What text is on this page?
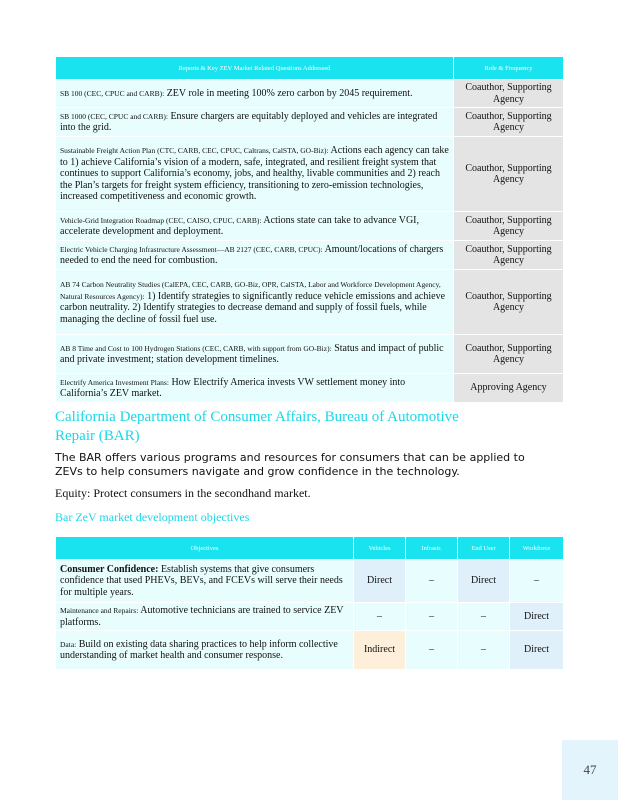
Reports & Key ZEV Market Related Questions Addressed	Role & Frequency
SB 100 (CEC, CPUC and CARB): ZEV role in meeting 100% zero carbon by 2045 requirement.	Coauthor, Supporting Agency
SB 1000 (CEC, CPUC and CARB): Ensure chargers are equitably deployed and vehicles are integrated into the grid.	Coauthor, Supporting Agency
Sustainable Freight Action Plan (CTC, CARB, CEC, CPUC, Caltrans, CalSTA, GO-Biz): Actions each agency can take to 1) achieve California’s vision of a modern, safe, integrated, and resilient freight system that continues to support California’s economy, jobs, and healthy, livable communities and 2) reach the Plan’s targets for freight system efficiency, transitioning to zero-emission technologies, increased competitiveness and economic growth.	Coauthor, Supporting Agency
Vehicle-Grid Integration Roadmap (CEC, CAISO, CPUC, CARB): Actions state can take to advance VGI, accelerate development and deployment.	Coauthor, Supporting Agency
Electric Vehicle Charging Infrastructure Assessment—AB 2127 (CEC, CARB, CPUC): Amount/locations of chargers needed to end the need for combustion.	Coauthor, Supporting Agency
AB 74 Carbon Neutrality Studies (CalEPA, CEC, CARB, GO-Biz, OPR, CalSTA, Labor and Workforce Development Agency, Natural Resources Agency): 1) Identify strategies to significantly reduce vehicle emissions and achieve carbon neutrality. 2) Identify strategies to decrease demand and supply of fossil fuels, while managing the decline of fossil fuel use.	Coauthor, Supporting Agency
AB 8 Time and Cost to 100 Hydrogen Stations (CEC, CARB, with support from GO-Biz): Status and impact of public and private investment; station development timelines.	Coauthor, Supporting Agency
Electrify America Investment Plans: How Electrify America invests VW settlement money into California’s ZEV market.	Approving Agency
California Department of Consumer Affairs, Bureau of Automotive Repair (BAR)

The BAR offers various programs and resources for consumers that can be applied to ZEVs to help consumers navigate and grow confidence in the technology.

Equity: Protect consumers in the secondhand market.

Bar ZeV market development objectives

Objectives	Vehicles	Infrastr.	End User	Workforce
Consumer Confidence: Establish systems that give consumers confidence that used PHEVs, BEVs, and FCEVs will serve their needs for multiple years.	Direct	–	Direct	–
Maintenance and Repairs: Automotive technicians are trained to service ZEV platforms.	–	–	–	Direct
Data: Build on existing data sharing practices to help inform collective understanding of market health and consumer response.	Indirect	–	–	Direct
47
